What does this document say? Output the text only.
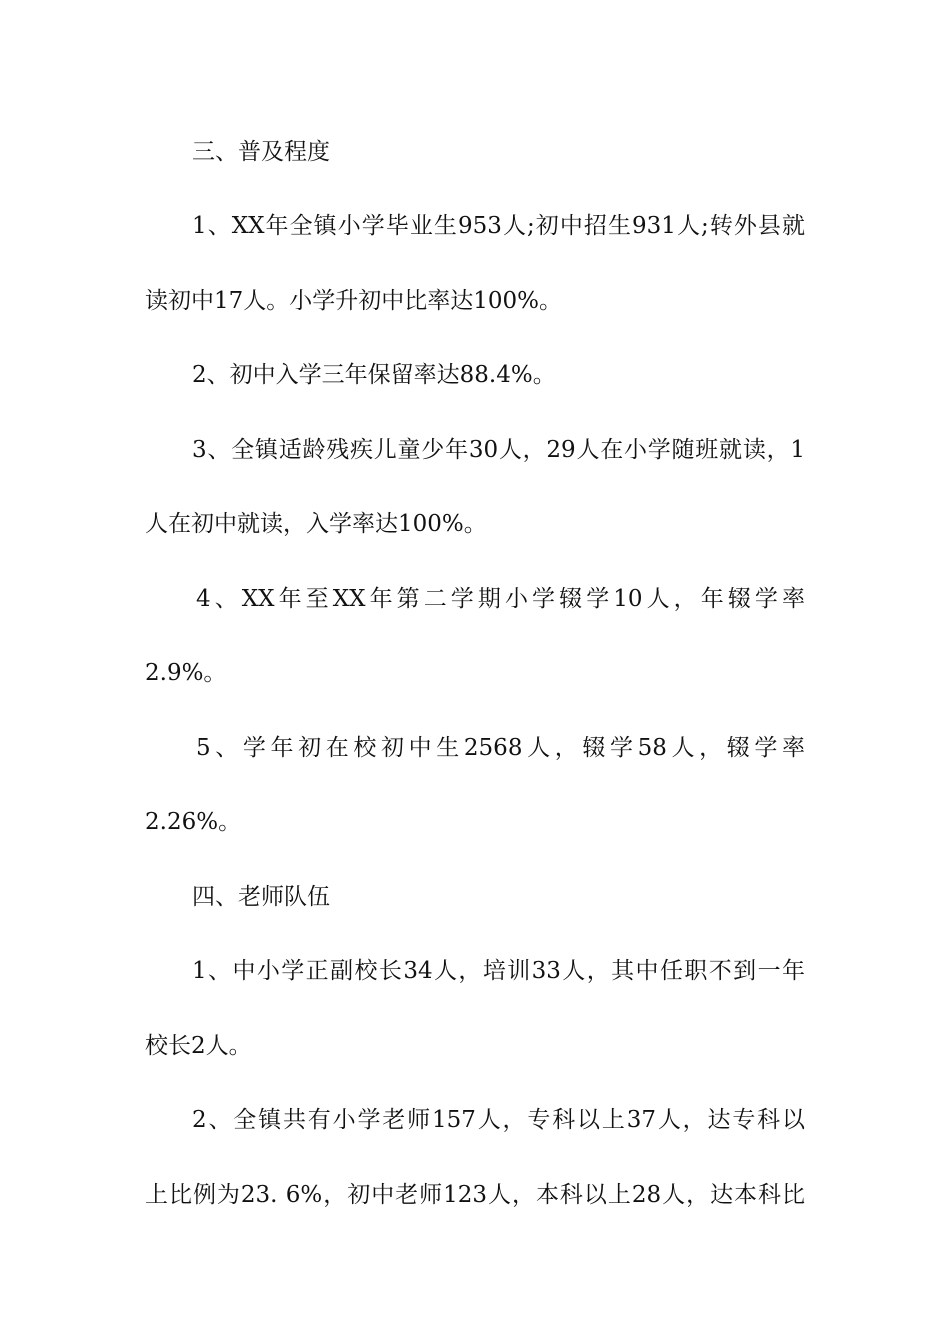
三、普及程度
1、XX年全镇小学毕业生953人;初中招生931人;转外县就
读初中17人。小学升初中比率达100%。
2、初中入学三年保留率达88.4%。
3、全镇适龄残疾儿童少年30人，29人在小学随班就读，1
人在初中就读，入学率达100%。
4、XX年至XX年第二学期小学辍学10人，年辍学率
2.9%。
5、学年初在校初中生2568人，辍学58人，辍学率
2.26%。
四、老师队伍
1、中小学正副校长34人，培训33人，其中任职不到一年
校长2人。
2、全镇共有小学老师157人，专科以上37人，达专科以
上比例为23. 6%，初中老师123人，本科以上28人，达本科比
